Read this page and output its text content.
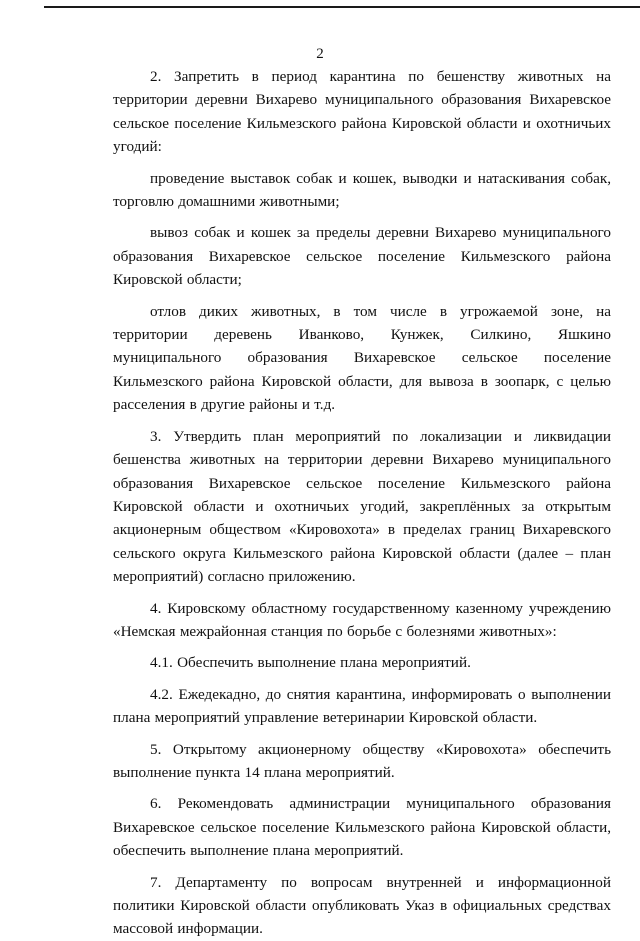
2

2. Запретить в период карантина по бешенству животных на территории деревни Вихарево муниципального образования Вихаревское сельское поселение Кильмезского района Кировской области и охотничьих угодий:

проведение выставок собак и кошек, выводки и натаскивания собак, торговлю домашними животными;

вывоз собак и кошек за пределы деревни Вихарево муниципального образования Вихаревское сельское поселение Кильмезского района Кировской области;

отлов диких животных, в том числе в угрожаемой зоне, на территории деревень Иванково, Кунжек, Силкино, Яшкино муниципального образования Вихаревское сельское поселение Кильмезского района Кировской области, для вывоза в зоопарк, с целью расселения в другие районы и т.д.

3. Утвердить план мероприятий по локализации и ликвидации бешенства животных на территории деревни Вихарево муниципального образования Вихаревское сельское поселение Кильмезского района Кировской области и охотничьих угодий, закреплённых за открытым акционерным обществом «Кировохота» в пределах границ Вихаревского сельского округа Кильмезского района Кировской области (далее – план мероприятий) согласно приложению.

4. Кировскому областному государственному казенному учреждению «Немская межрайонная станция по борьбе с болезнями животных»:

4.1. Обеспечить выполнение плана мероприятий.

4.2. Ежедекадно, до снятия карантина, информировать о выполнении плана мероприятий управление ветеринарии Кировской области.

5. Открытому акционерному обществу «Кировохота» обеспечить выполнение пункта 14 плана мероприятий.

6. Рекомендовать администрации муниципального образования Вихаревское сельское поселение Кильмезского района Кировской области, обеспечить выполнение плана мероприятий.

7. Департаменту по вопросам внутренней и информационной политики Кировской области опубликовать Указ в официальных средствах массовой информации.
